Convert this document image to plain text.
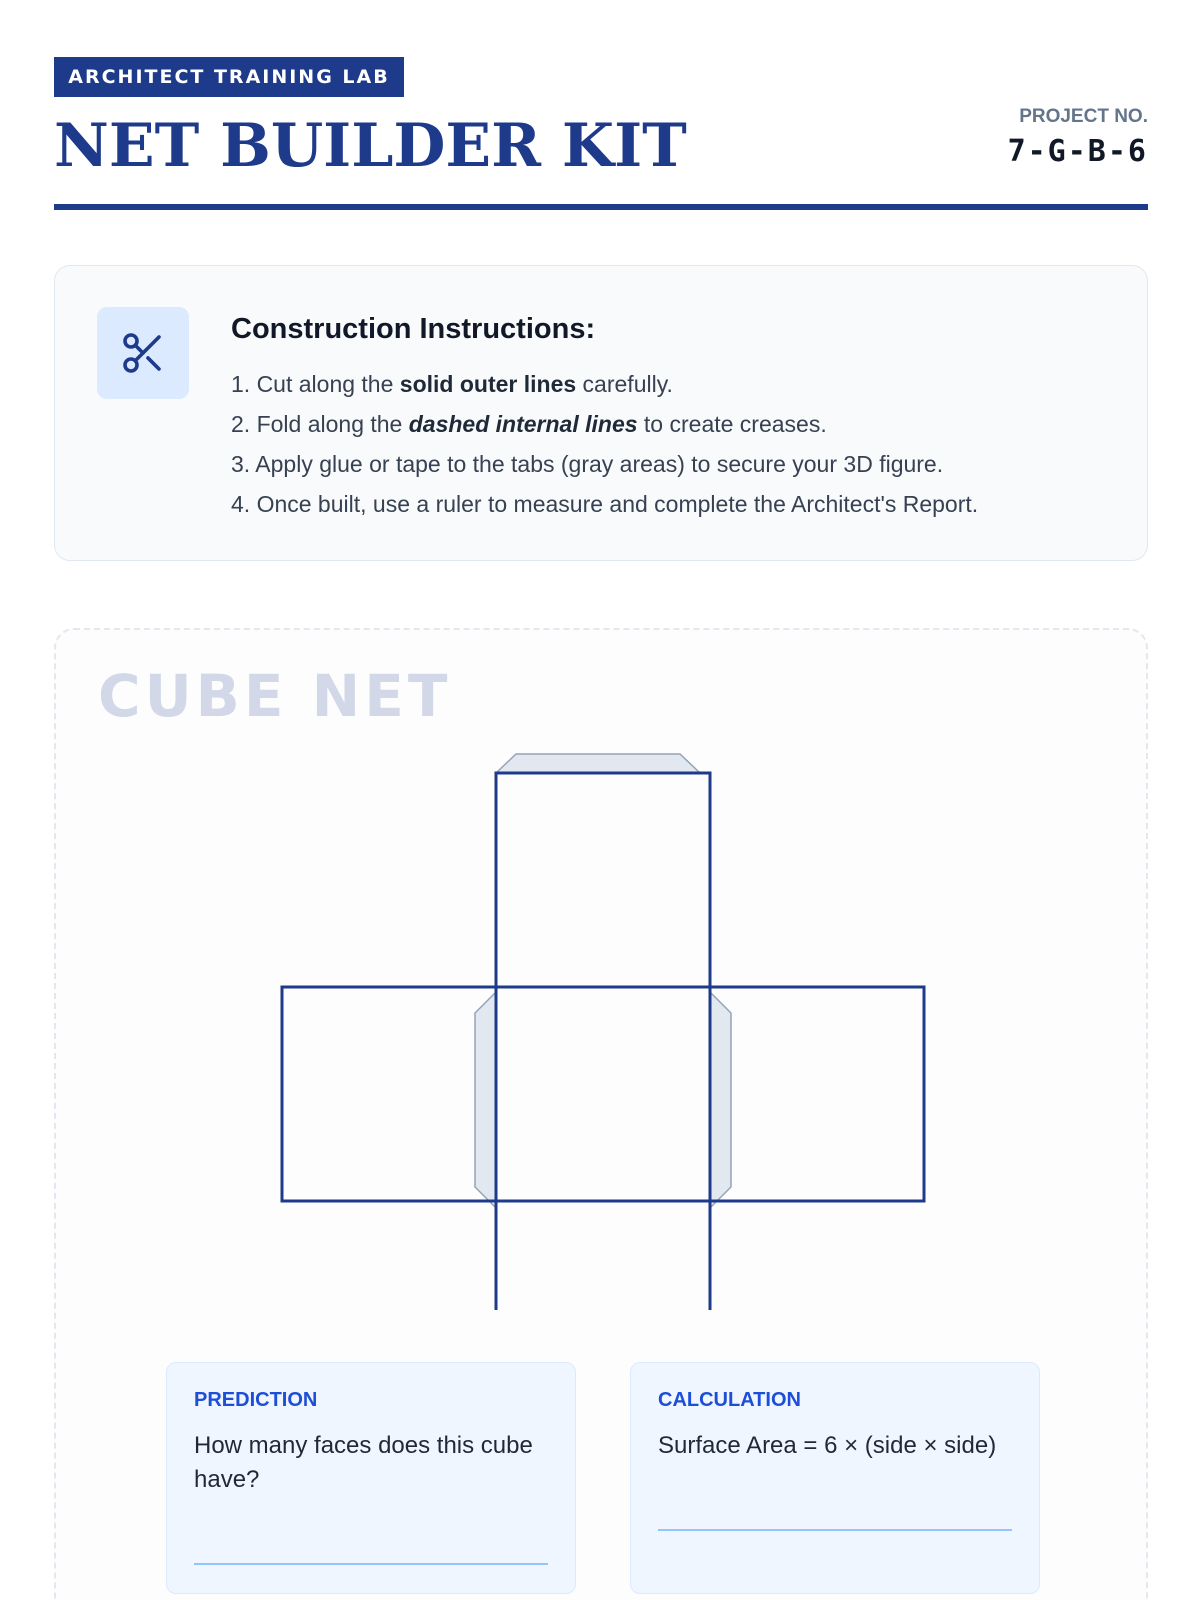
ARCHITECT TRAINING LAB
NET BUILDER KIT	PROJECT NO.
7-G-B-6
Construction Instructions:
1. Cut along the solid outer lines carefully.
2. Fold along the dashed internal lines to create creases.
3. Apply glue or tape to the tabs (gray areas) to secure your 3D figure.
4. Once built, use a ruler to measure and complete the Architect's Report.
CUBE NET
PREDICTION
How many faces does this cube have?
CALCULATION
Surface Area = 6 × (side × side)
